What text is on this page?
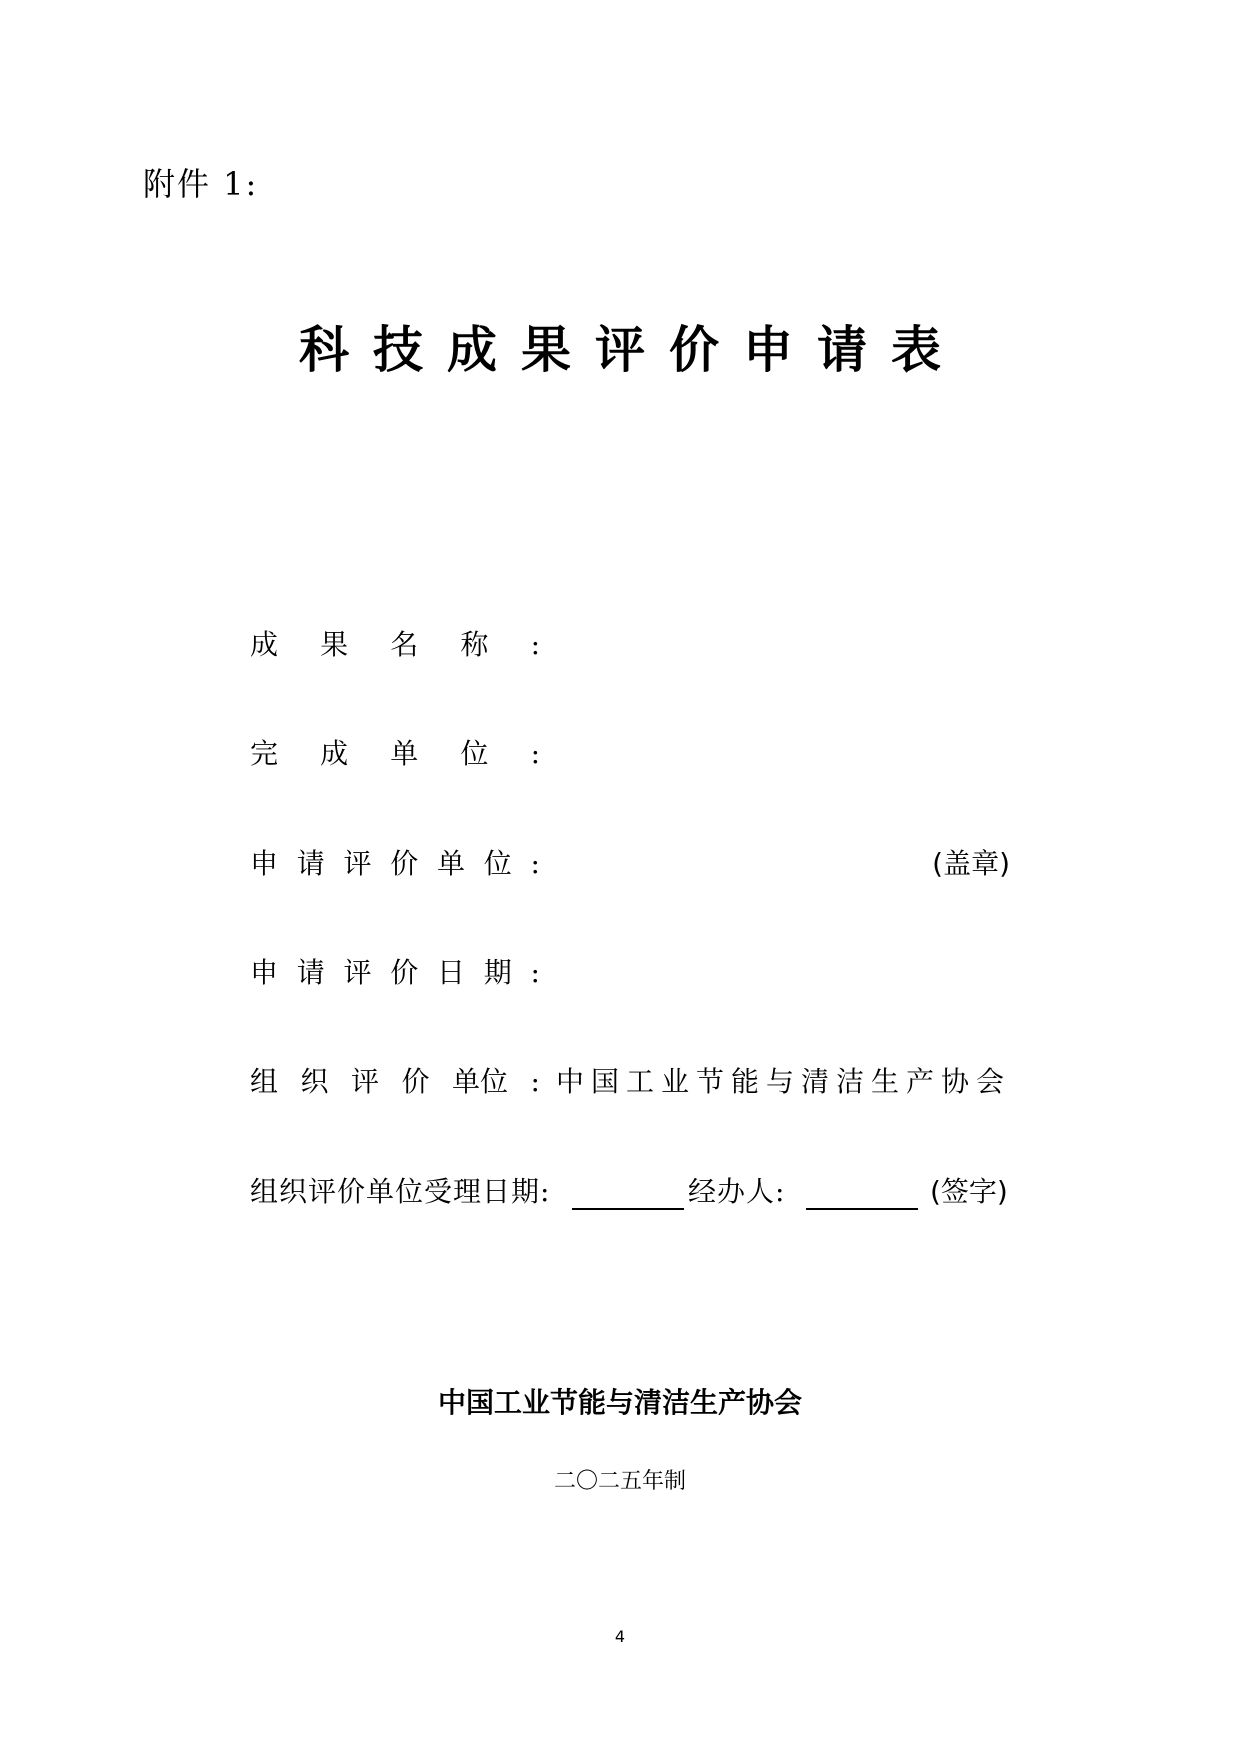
附件 1:
科技成果评价申请表
成 果 名 称 :
完 成 单 位 :
申 请 评 价 单 位 :	(盖章)
申 请 评 价 日 期 :
组 织 评 价 单位 : 中国工业节能与清洁生产协会
组织评价单位受理日期:	经办人:	(签字)
中国工业节能与清洁生产协会
二〇二五年制
4
